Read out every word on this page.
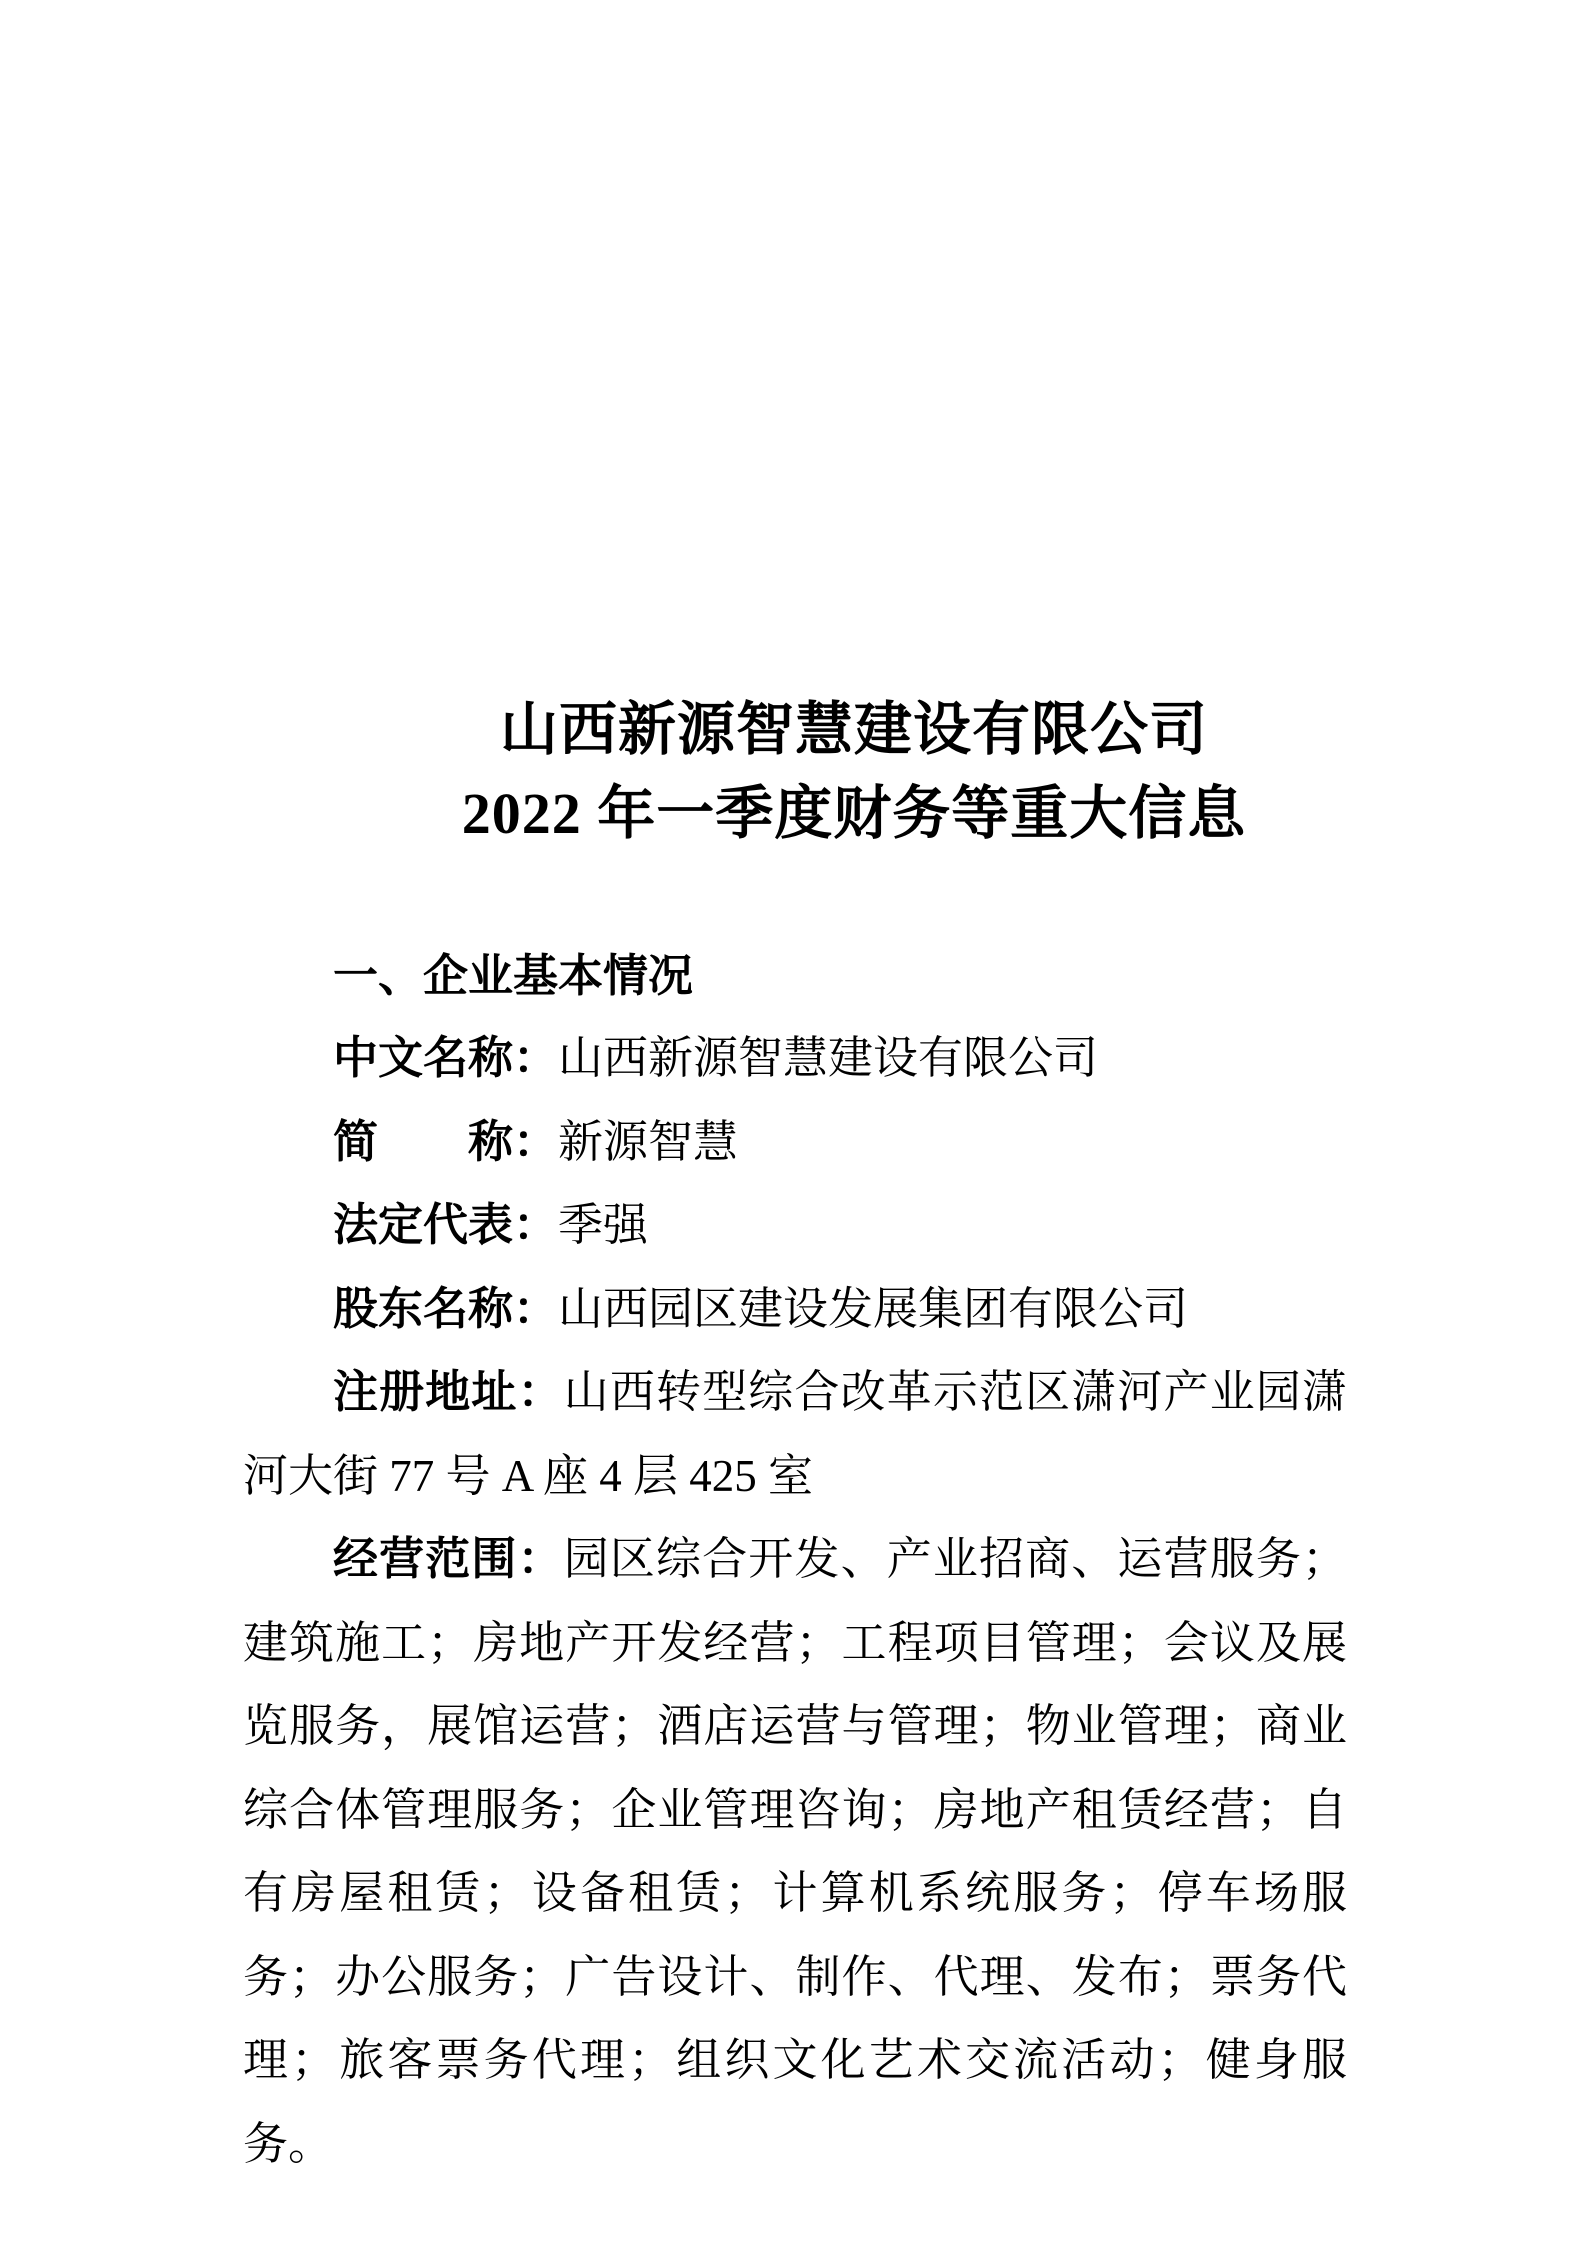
山西新源智慧建设有限公司
2022 年一季度财务等重大信息
一、企业基本情况

中文名称：山西新源智慧建设有限公司

简　　称：新源智慧

法定代表：季强

股东名称：山西园区建设发展集团有限公司

注册地址：山西转型综合改革示范区潇河产业园潇河大街 77 号 A 座 4 层 425 室

经营范围：园区综合开发、产业招商、运营服务；建筑施工；房地产开发经营；工程项目管理；会议及展览服务，展馆运营；酒店运营与管理；物业管理；商业综合体管理服务；企业管理咨询；房地产租赁经营；自有房屋租赁；设备租赁；计算机系统服务；停车场服务；办公服务；广告设计、制作、代理、发布；票务代理；旅客票务代理；组织文化艺术交流活动；健身服务。
